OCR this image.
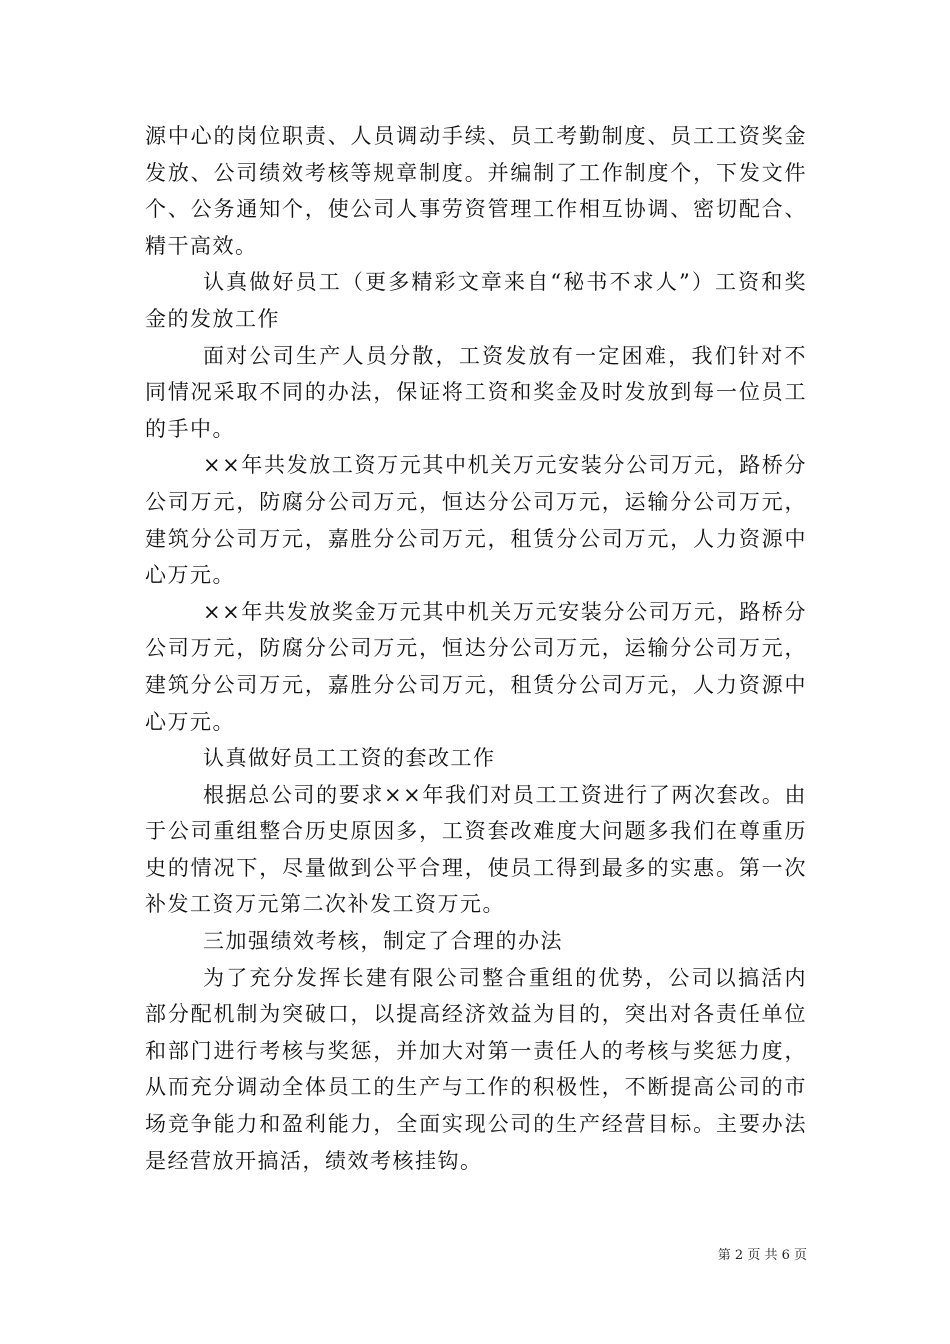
源中心的岗位职责、人员调动手续、员工考勤制度、员工工资奖金发放、公司绩效考核等规章制度。并编制了工作制度个，下发文件个、公务通知个，使公司人事劳资管理工作相互协调、密切配合、精干高效。

认真做好员工（更多精彩文章来自“秘书不求人”）工资和奖金的发放工作

面对公司生产人员分散，工资发放有一定困难，我们针对不同情况采取不同的办法，保证将工资和奖金及时发放到每一位员工的手中。

××年共发放工资万元其中机关万元安装分公司万元，路桥分公司万元，防腐分公司万元，恒达分公司万元，运输分公司万元，建筑分公司万元，嘉胜分公司万元，租赁分公司万元，人力资源中心万元。

××年共发放奖金万元其中机关万元安装分公司万元，路桥分公司万元，防腐分公司万元，恒达分公司万元，运输分公司万元，建筑分公司万元，嘉胜分公司万元，租赁分公司万元，人力资源中心万元。

认真做好员工工资的套改工作

根据总公司的要求××年我们对员工工资进行了两次套改。由于公司重组整合历史原因多，工资套改难度大问题多我们在尊重历史的情况下，尽量做到公平合理，使员工得到最多的实惠。第一次补发工资万元第二次补发工资万元。

三加强绩效考核，制定了合理的办法

为了充分发挥长建有限公司整合重组的优势，公司以搞活内部分配机制为突破口，以提高经济效益为目的，突出对各责任单位和部门进行考核与奖惩，并加大对第一责任人的考核与奖惩力度，从而充分调动全体员工的生产与工作的积极性，不断提高公司的市场竞争能力和盈利能力，全面实现公司的生产经营目标。主要办法是经营放开搞活，绩效考核挂钩。

第 2 页 共 6 页
